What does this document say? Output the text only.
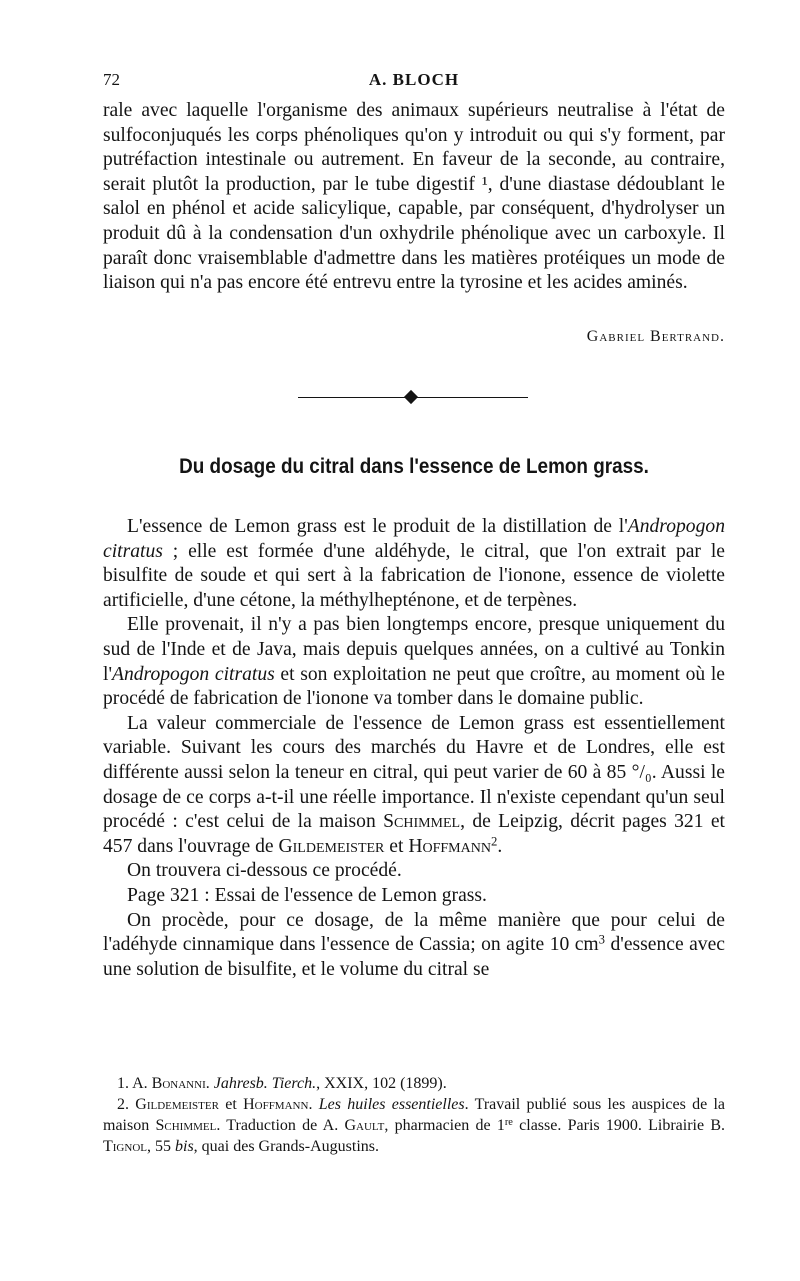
72	A. BLOCH

rale avec laquelle l'organisme des animaux supérieurs neutralise à l'état de sulfoconjuqués les corps phénoliques qu'on y introduit ou qui s'y forment, par putréfaction intestinale ou autrement. En faveur de la seconde, au contraire, serait plutôt la production, par le tube digestif ¹, d'une diastase dédoublant le salol en phénol et acide salicylique, capable, par conséquent, d'hydrolyser un produit dû à la condensation d'un oxhydrile phénolique avec un carboxyle. Il paraît donc vraisemblable d'admettre dans les matières protéiques un mode de liaison qui n'a pas encore été entrevu entre la tyrosine et les acides aminés.

Gabriel Bertrand.
Du dosage du citral dans l'essence de Lemon grass.

L'essence de Lemon grass est le produit de la distillation de l'Andropogon citratus ; elle est formée d'une aldéhyde, le citral, que l'on extrait par le bisulfite de soude et qui sert à la fabrication de l'ionone, essence de violette artificielle, d'une cétone, la méthylhepténone, et de terpènes.

Elle provenait, il n'y a pas bien longtemps encore, presque uniquement du sud de l'Inde et de Java, mais depuis quelques années, on a cultivé au Tonkin l'Andropogon citratus et son exploitation ne peut que croître, au moment où le procédé de fabrication de l'ionone va tomber dans le domaine public.

La valeur commerciale de l'essence de Lemon grass est essentiellement variable. Suivant les cours des marchés du Havre et de Londres, elle est différente aussi selon la teneur en citral, qui peut varier de 60 à 85 °/₀. Aussi le dosage de ce corps a-t-il une réelle importance. Il n'existe cependant qu'un seul procédé : c'est celui de la maison Schimmel, de Leipzig, décrit pages 321 et 457 dans l'ouvrage de Gildemeister et Hoffmann$^2$.

On trouvera ci-dessous ce procédé.

Page 321 : Essai de l'essence de Lemon grass.

On procède, pour ce dosage, de la même manière que pour celui de l'adéhyde cinnamique dans l'essence de Cassia; on agite 10 $cm^3$ d'essence avec une solution de bisulfite, et le volume du citral se

1. A. Bonanni. Jahresb. Tierch., XXIX, 102 (1899).

2. Gildemeister et Hoffmann. Les huiles essentielles. Travail publié sous les auspices de la maison Schimmel. Traduction de A. Gault, pharmacien de 1re classe. Paris 1900. Librairie B. Tignol, 55 bis, quai des Grands-Augustins.
